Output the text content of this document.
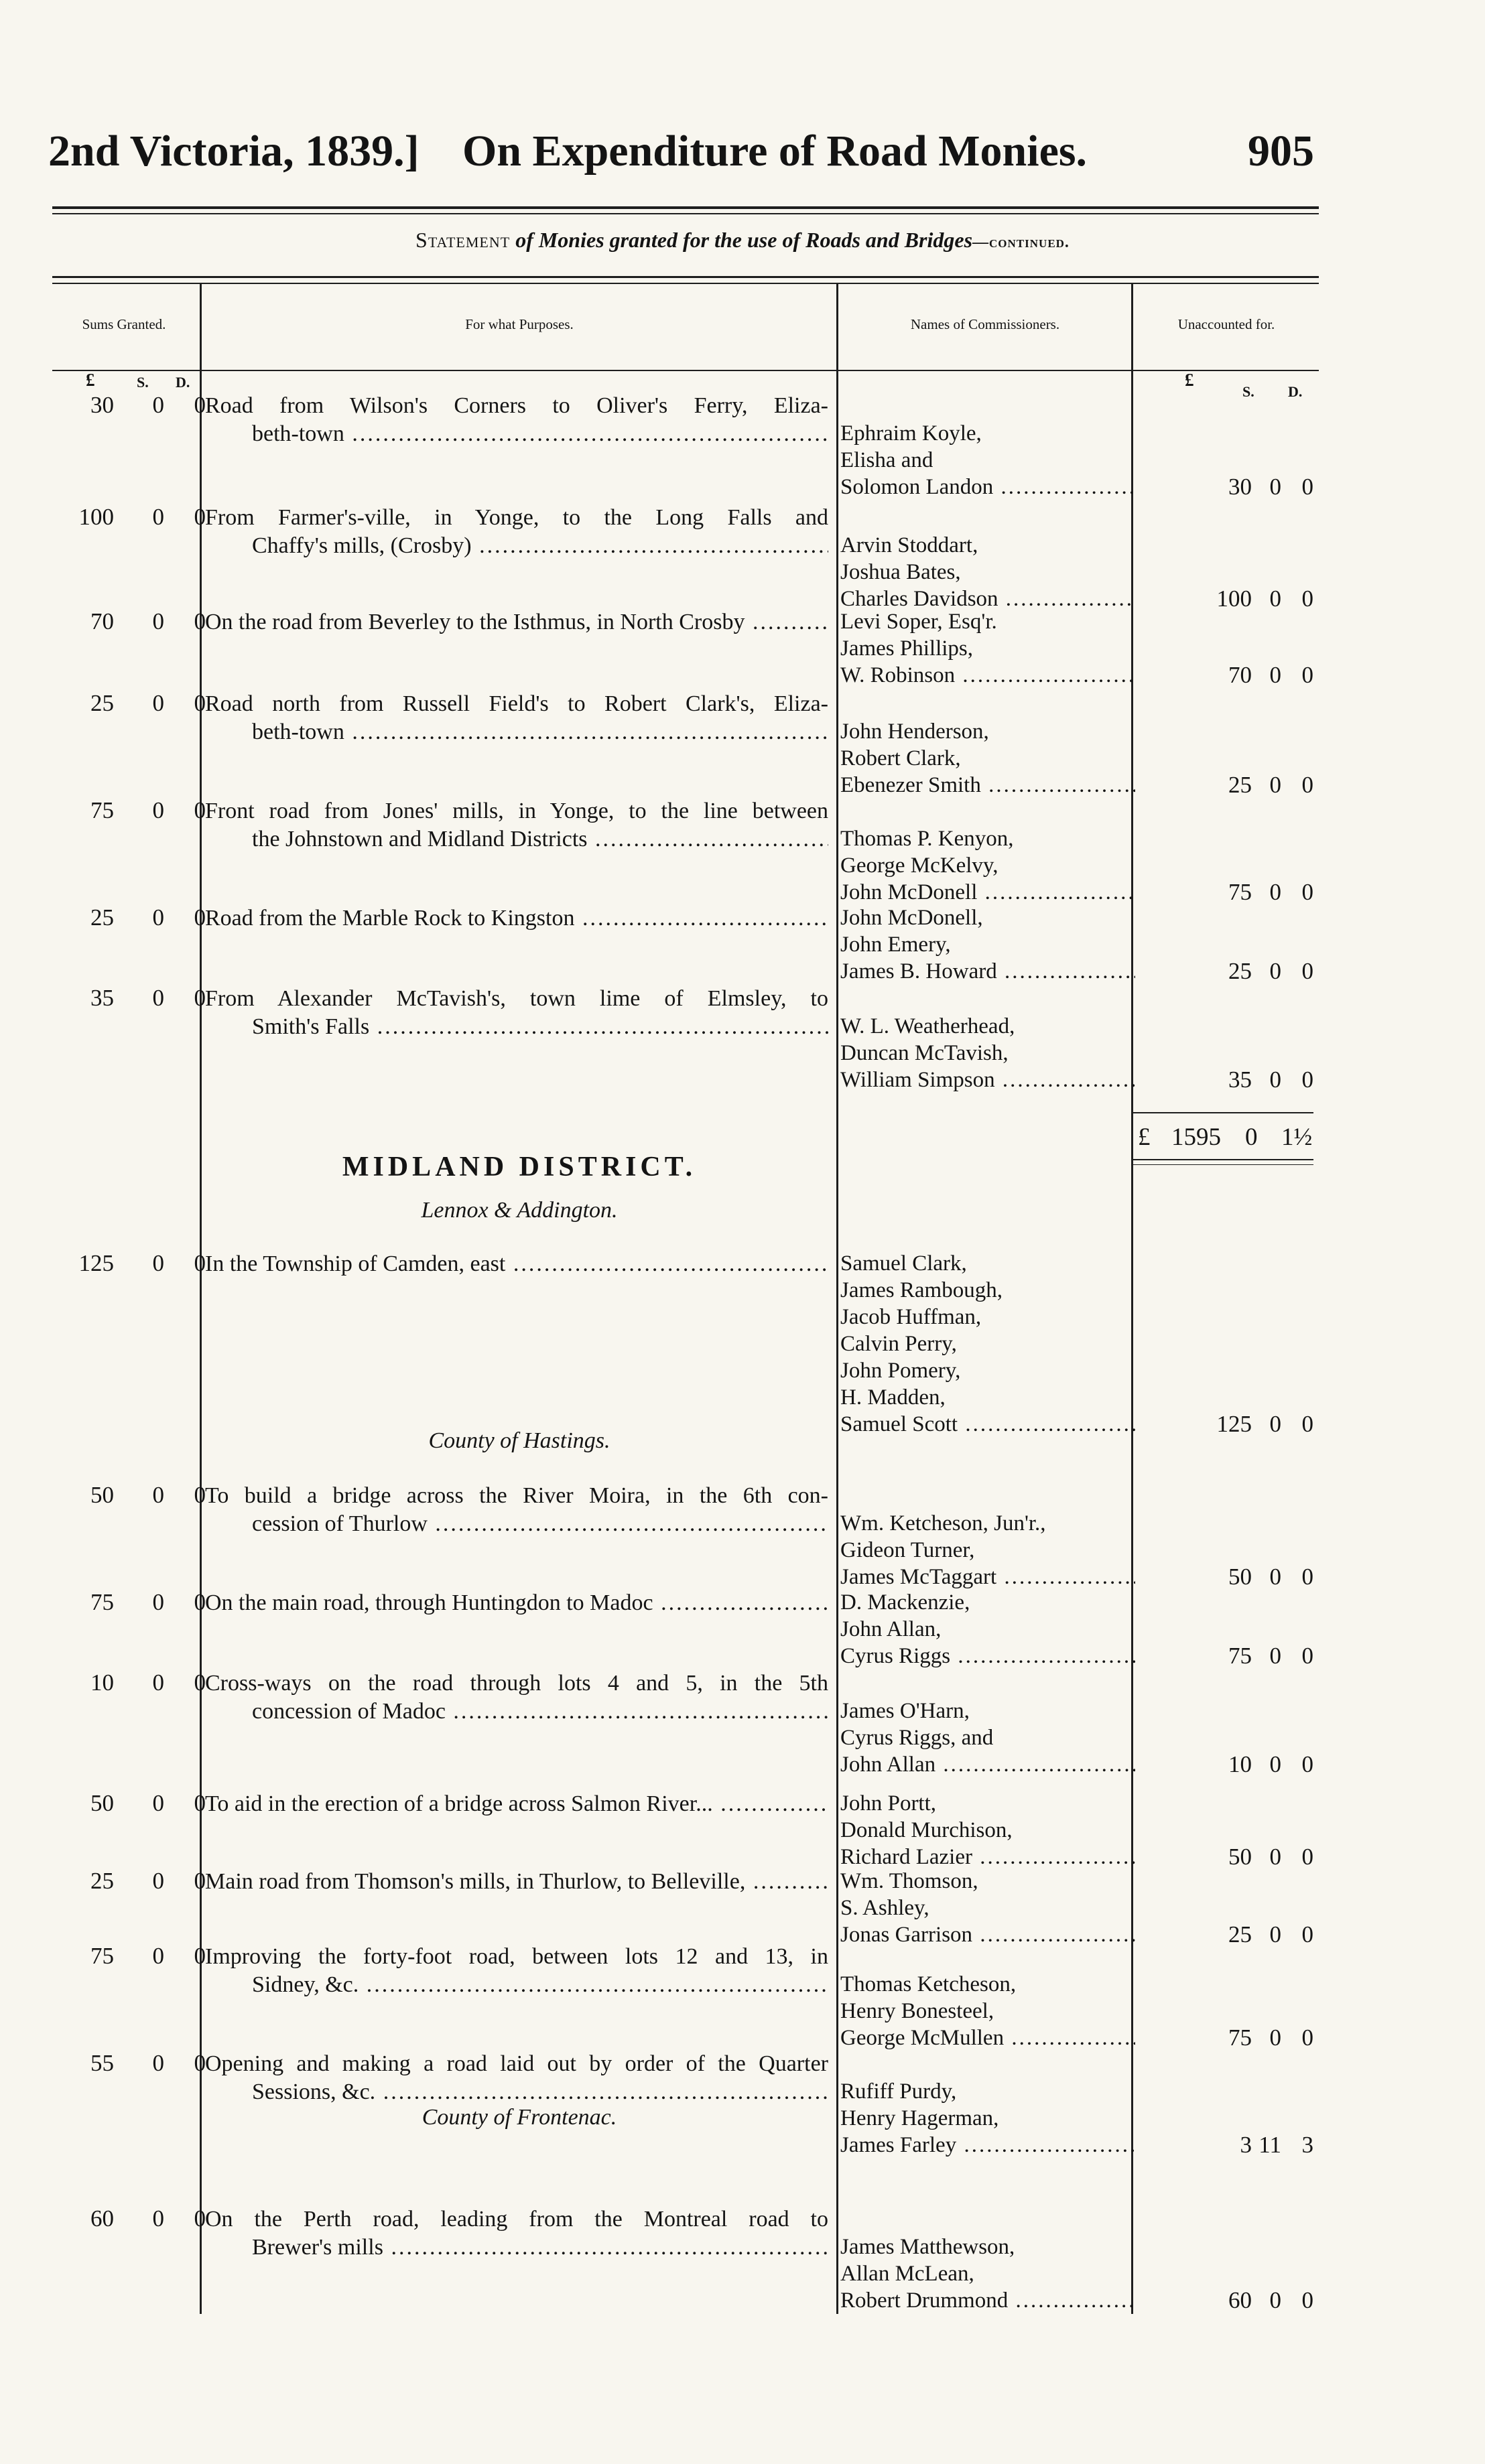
2nd Victoria, 1839.] On Expenditure of Road Monies.	905
Statement of Monies granted for the use of Roads and Bridges—continued.
Sums Granted.	For what Purposes.	Names of Commissioners.	Unaccounted for.
£	S. D.	£
S. D.
30 0 0 Road from Wilson's Corners to Oliver's Ferry, Eliza-
beth-town .....	Ephraim Koyle,
Elisha and
Solomon Landon .....	30 0 0
100 0 0 From Farmer's-ville, in Yonge, to the Long Falls and
Chaffy's mills, (Crosby) .....	Arvin Stoddart,
Joshua Bates,
Charles Davidson .....	100 0 0
70 0 0 On the road from Beverley to the Isthmus, in North Crosby .....	Levi Soper, Esq'r.
James Phillips,
W. Robinson .....	70 0 0
25 0 0 Road north from Russell Field's to Robert Clark's, Eliza-
beth-town .....	John Henderson,
Robert Clark,
Ebenezer Smith .....	25 0 0
75 0 0 Front road from Jones' mills, in Yonge, to the line between
the Johnstown and Midland Districts .....	Thomas P. Kenyon,
George McKelvy,
John McDonell .....	75 0 0
25 0 0 Road from the Marble Rock to Kingston .....	John McDonell,
John Emery,
James B. Howard .....	25 0 0
35 0 0 From Alexander McTavish's, town lime of Elmsley, to
Smith's Falls .....	W. L. Weatherhead,
Duncan McTavish,
William Simpson .....	35 0 0
125 0 0 In the Township of Camden, east .....	Samuel Clark,
James Rambough,
Jacob Huffman,
Calvin Perry,
John Pomery,
H. Madden,
Samuel Scott .....	125 0 0
50 0 0 To build a bridge across the River Moira, in the 6th con-
cession of Thurlow .....	Wm. Ketcheson, Jun'r.,
Gideon Turner,
James McTaggart .....	50 0 0
75 0 0 On the main road, through Huntingdon to Madoc .....	D. Mackenzie,
John Allan,
Cyrus Riggs .....	75 0 0
10 0 0 Cross-ways on the road through lots 4 and 5, in the 5th
concession of Madoc .....	James O'Harn,
Cyrus Riggs, and
John Allan .....	10 0 0
50 0 0 To aid in the erection of a bridge across Salmon River... .....	John Portt,
Donald Murchison,
Richard Lazier .....	50 0 0
25 0 0 Main road from Thomson's mills, in Thurlow, to Belleville, .....	Wm. Thomson,
S. Ashley,
Jonas Garrison .....	25 0 0
75 0 0 Improving the forty-foot road, between lots 12 and 13, in
Sidney, &c. .....	Thomas Ketcheson,
Henry Bonesteel,
George McMullen .....	75 0 0
55 0 0 Opening and making a road laid out by order of the Quarter
Sessions, &c. .....	Rufiff Purdy,
Henry Hagerman,
James Farley .....	3 11 3
60 0 0 On the Perth road, leading from the Montreal road to
Brewer's mills .....	James Matthewson,
Allan McLean,
Robert Drummond .....	60 0 0
£ 1595 0 1½
MIDLAND DISTRICT.
Lennox & Addington.
County of Hastings.
County of Frontenac.
